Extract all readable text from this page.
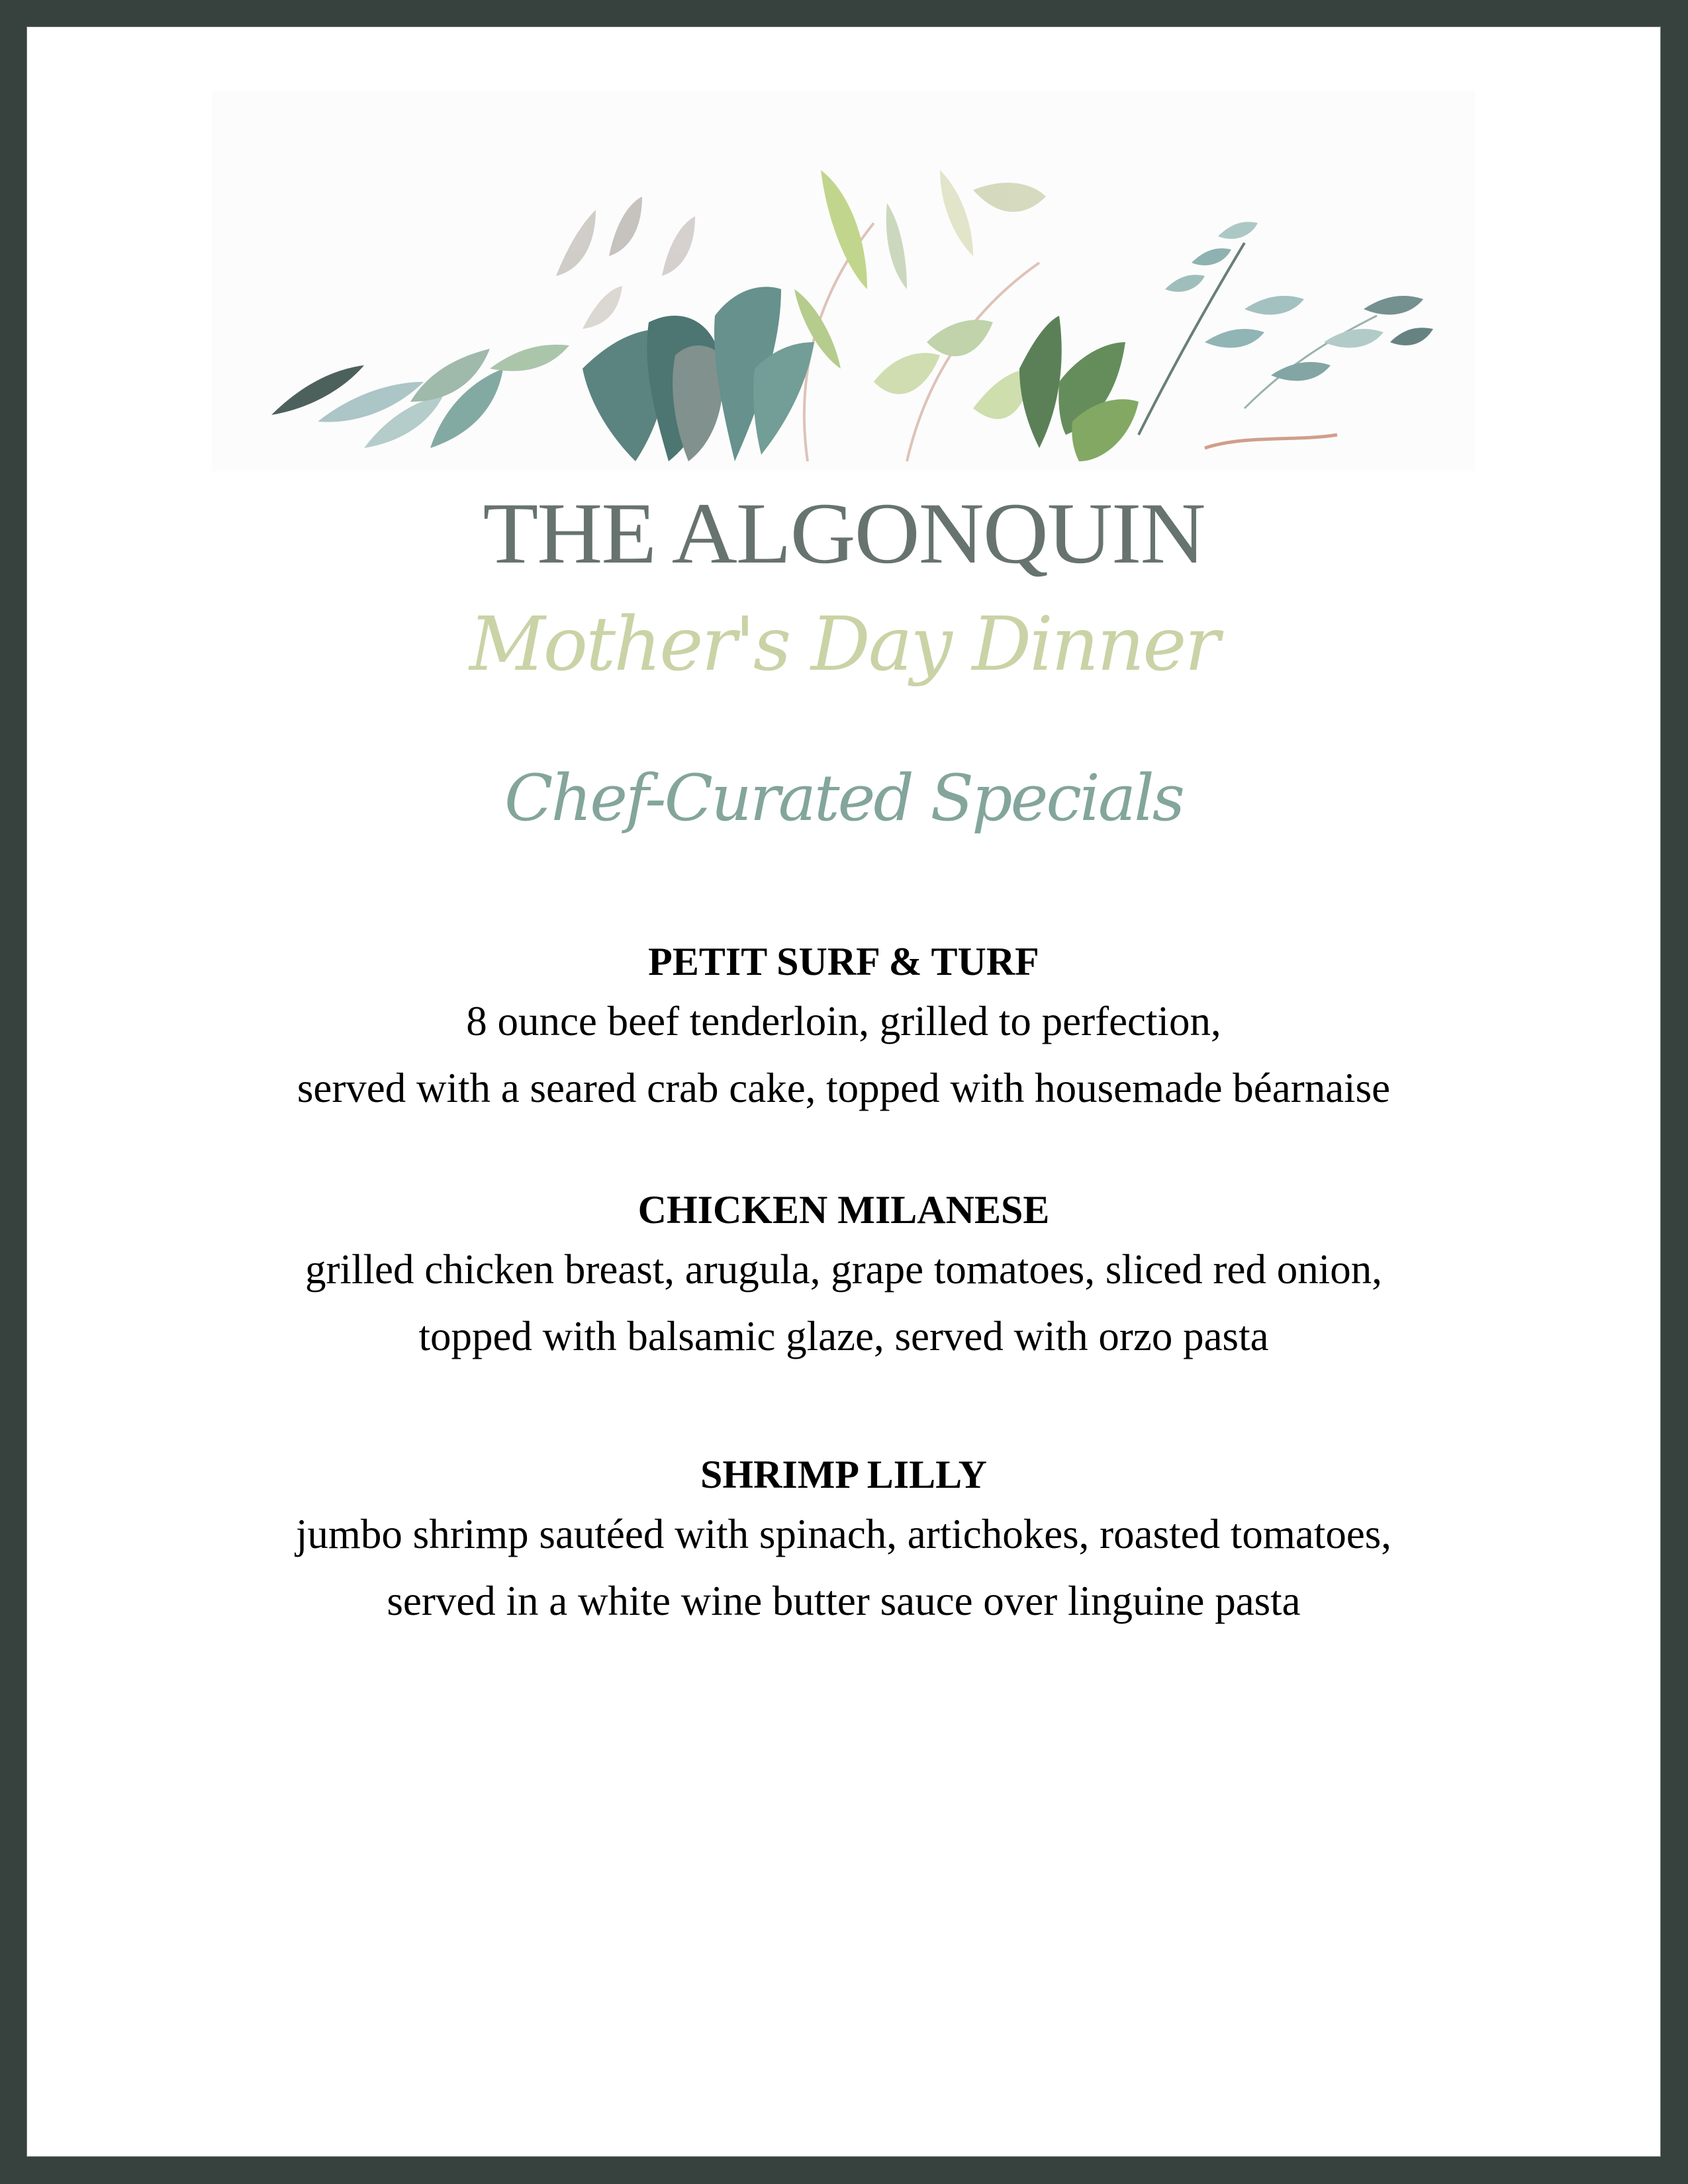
THE ALGONQUIN
Mother's Day Dinner
Chef-Curated Specials
PETIT SURF & TURF
8 ounce beef tenderloin, grilled to perfection,
served with a seared crab cake, topped with housemade béarnaise
CHICKEN MILANESE
grilled chicken breast, arugula, grape tomatoes, sliced red onion,
topped with balsamic glaze, served with orzo pasta
SHRIMP LILLY
jumbo shrimp sautéed with spinach, artichokes, roasted tomatoes,
served in a white wine butter sauce over linguine pasta
